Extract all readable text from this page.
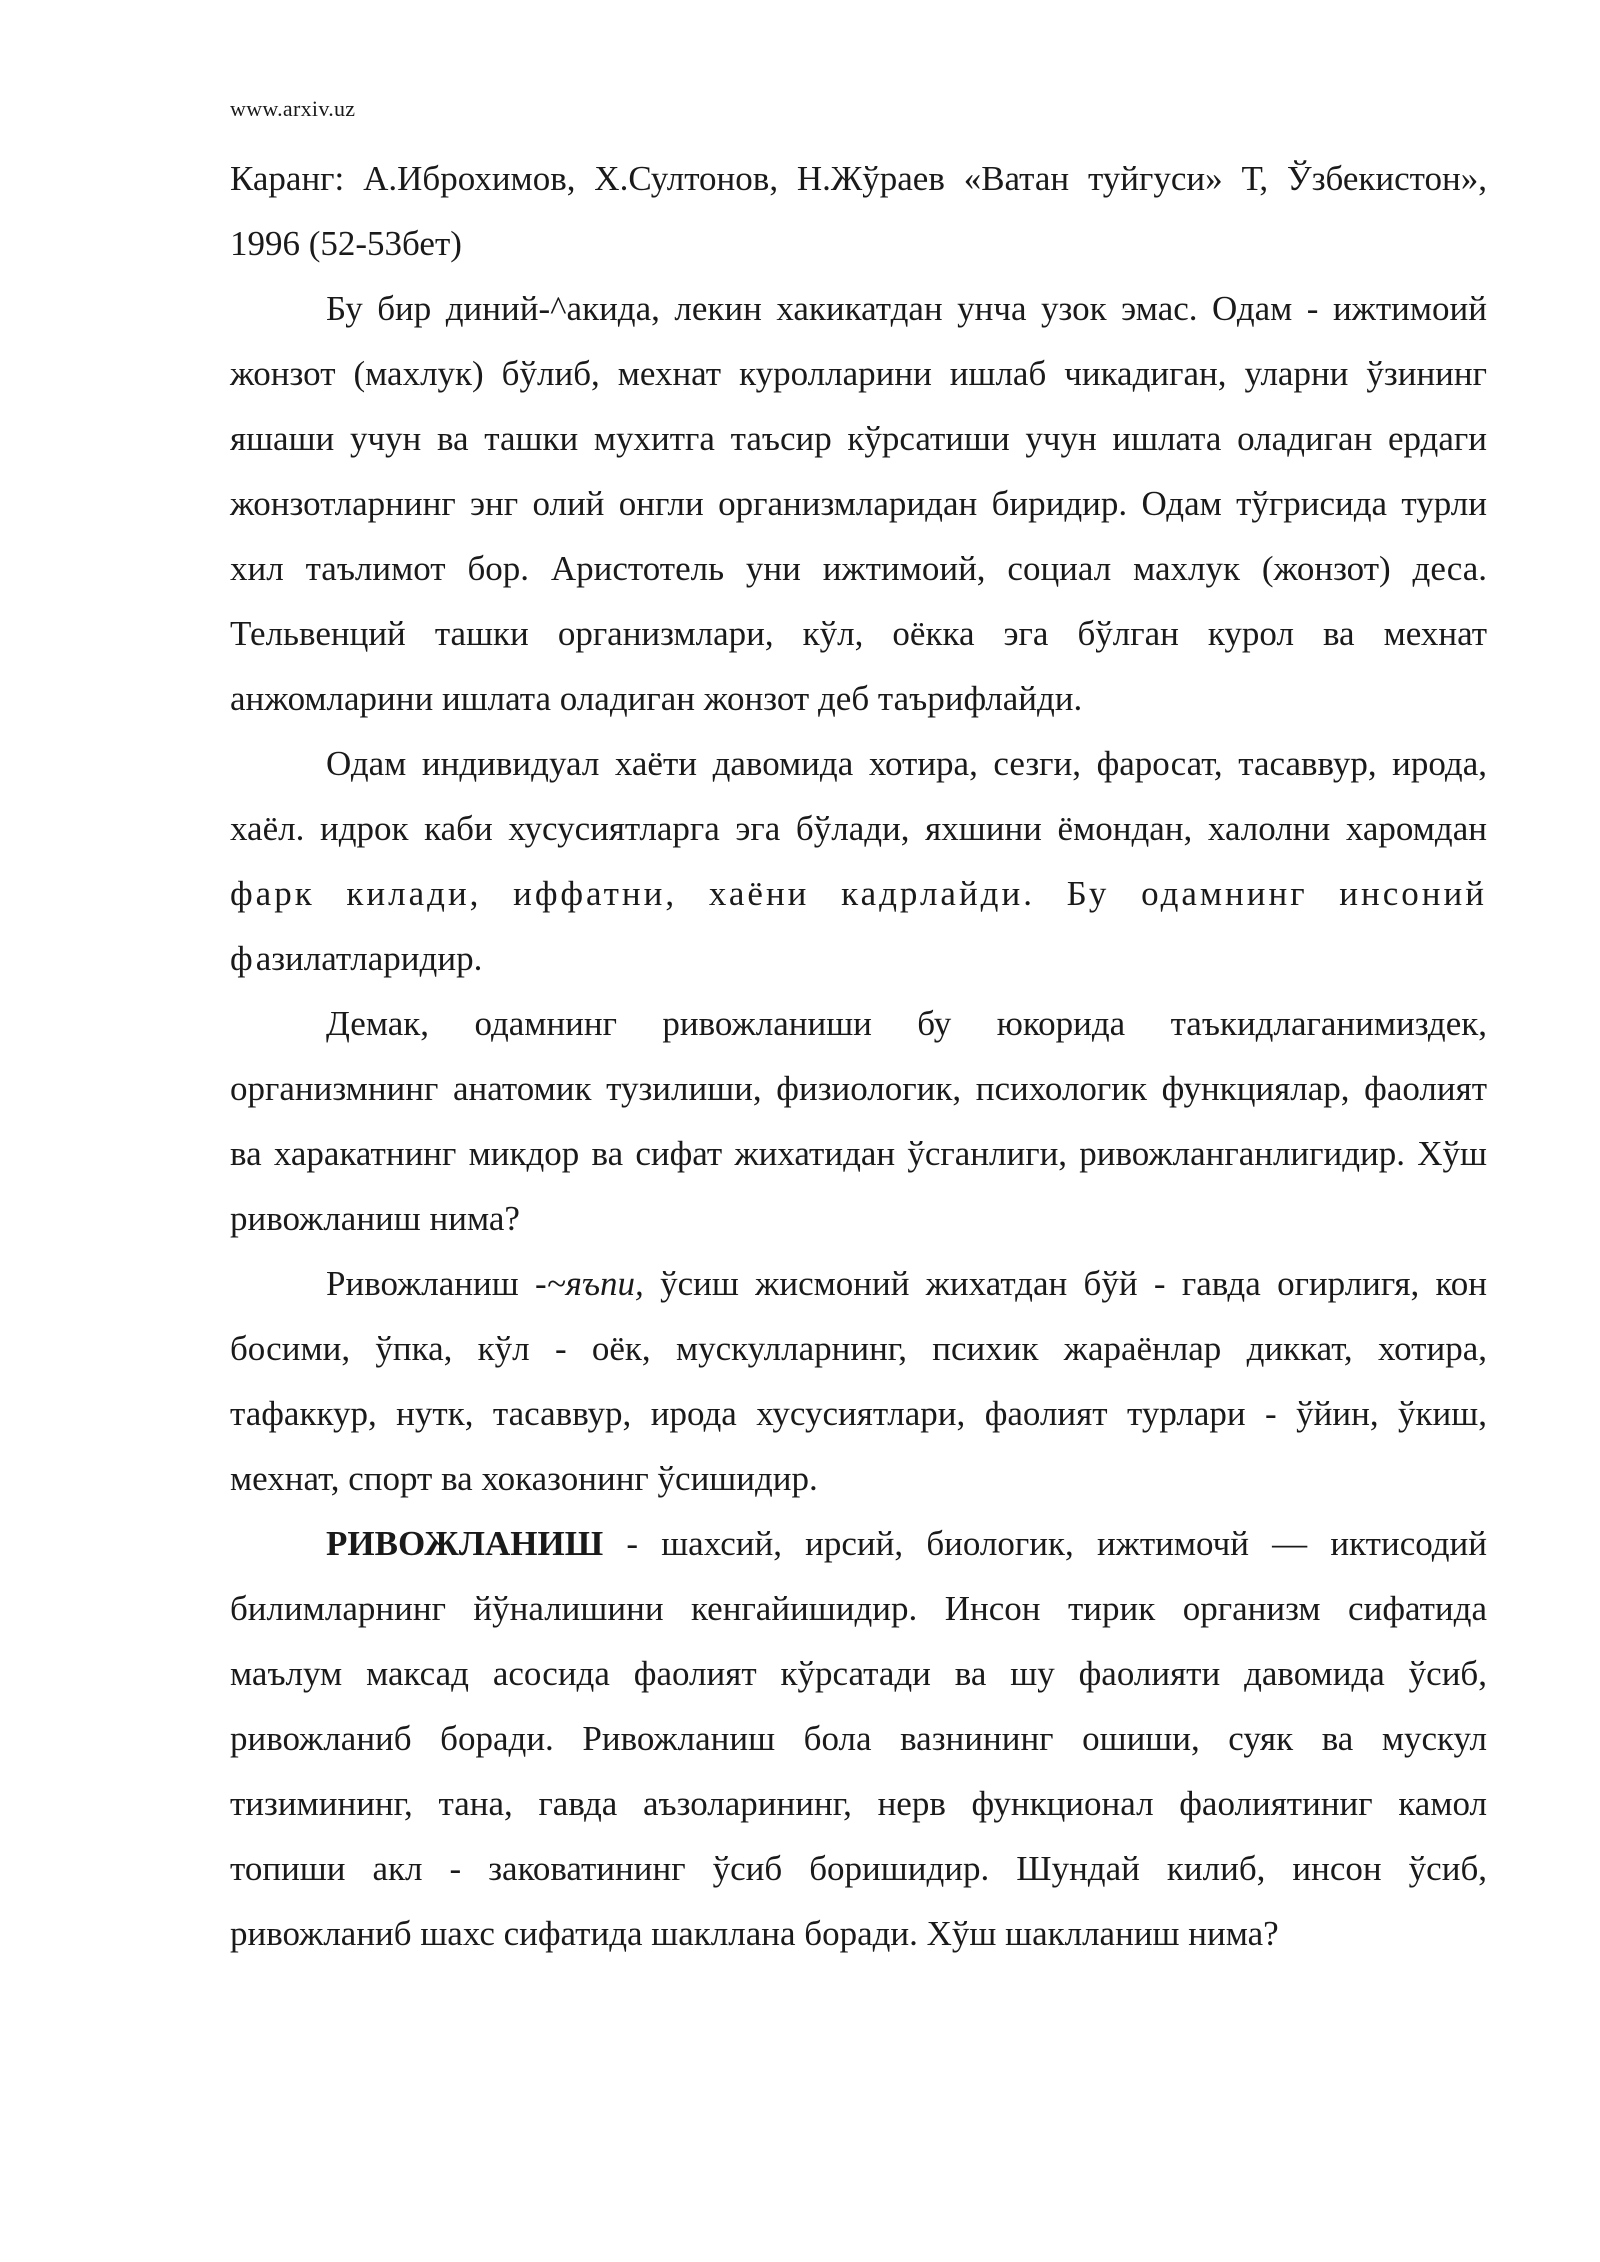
www.arxiv.uz

Каранг: А.Иброхимов, Х.Султонов, Н.Жўраев «Ватан туйгуси» Т, Ўзбекистон», 1996 (52-53бет)

Бу бир диний-^акида, лекин хакикатдан унча узок эмас. Одам - ижтимоий жонзот (махлук) бўлиб, мехнат куролларини ишлаб чикадиган, уларни ўзининг яшаши учун ва ташки мухитга таъсир кўрсатиши учун ишлата оладиган ердаги жонзотларнинг энг олий онгли организмларидан биридир. Одам тўгрисида турли хил таълимот бор. Аристотель уни ижтимоий, социал махлук (жонзот) деса. Тельвенций ташки организмлари, кўл, оёкка эга бўлган курол ва мехнат анжомларини ишлата оладиган жонзот деб таърифлайди.

Одам индивидуал хаёти давомида хотира, сезги, фаросат, тасаввур, ирода, хаёл. идрок каби хусусиятларга эга бўлади, яхшини ёмондан, халолни харомдан фарк килади, иффатни, хаёни кадрлайди. Бу одамнинг инсоний фазилатларидир.

Демак, одамнинг ривожланиши бу юкорида таъкидлаганимиздек, организмнинг анатомик тузилиши, физиологик, психологик функциялар, фаолият ва харакатнинг микдор ва сифат жихатидан ўсганлиги, ривожланганлигидир. Хўш ривожланиш нима?

Ривожланиш -~яъпи, ўсиш жисмоний жихатдан бўй - гавда огирлигя, кон босими, ўпка, кўл - оёк, мускулларнинг, психик жараёнлар диккат, хотира, тафаккур, нутк, тасаввур, ирода хусусиятлари, фаолият турлари - ўйин, ўкиш, мехнат, спорт ва хоказонинг ўсишидир.

РИВОЖЛАНИШ - шахсий, ирсий, биологик, ижтимочй — иктисодий билимларнинг йўналишини кенгайишидир. Инсон тирик организм сифатида маълум максад асосида фаолият кўрсатади ва шу фаолияти давомида ўсиб, ривожланиб боради. Ривожланиш бола вазнининг ошиши, суяк ва мускул тизимининг, тана, гавда аъзоларининг, нерв функционал фаолиятиниг камол топиши акл - заковатининг ўсиб боришидир. Шундай килиб, инсон ўсиб, ривожланиб шахс сифатида шакллана боради. Хўш шаклланиш нима?
